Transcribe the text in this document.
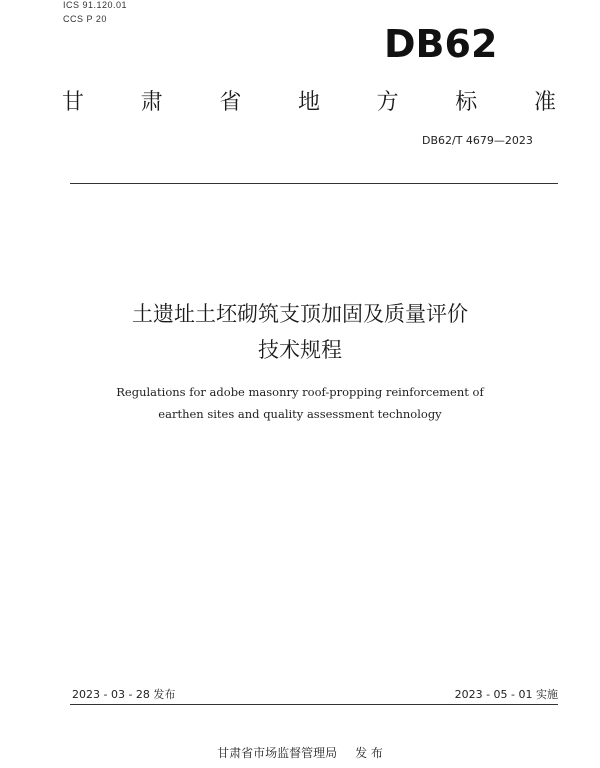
ICS 91.120.01
CCS P 20
DB62
甘	肃	省	地	方	标	准
DB62/T 4679—2023
土遗址土坯砌筑支顶加固及质量评价
技术规程
Regulations for adobe masonry roof-propping reinforcement of
earthen sites and quality assessment technology
2023 - 03 - 28 发布	2023 - 05 - 01 实施
甘肃省市场监督管理局 发 布
